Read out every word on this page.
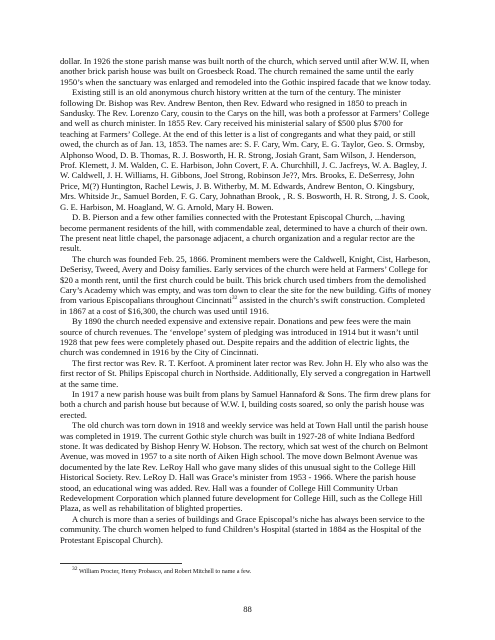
dollar. In 1926 the stone parish manse was built north of the church, which served until after W.W. II, when another brick parish house was built on Groesbeck Road. The church remained the same until the early 1950’s when the sanctuary was enlarged and remodeled into the Gothic inspired facade that we know today.

Existing still is an old anonymous church history written at the turn of the century. The minister following Dr. Bishop was Rev. Andrew Benton, then Rev. Edward who resigned in 1850 to preach in Sandusky. The Rev. Lorenzo Cary, cousin to the Carys on the hill, was both a professor at Farmers’ College and well as church minister. In 1855 Rev. Cary received his ministerial salary of $500 plus $700 for teaching at Farmers’ College. At the end of this letter is a list of congregants and what they paid, or still owed, the church as of Jan. 13, 1853. The names are: S. F. Cary, Wm. Cary, E. G. Taylor, Geo. S. Ormsby, Alphonso Wood, D. B. Thomas, R. J. Bosworth, H. R. Strong, Josiah Grant, Sam Wilson, J. Henderson, Prof. Klemett, J. M. Walden, C. E. Harbison, John Covert, F. A. Churchhill, J. C. Jacfreys, W. A. Bagley, J. W. Caldwell, J. H. Williams, H. Gibbons, Joel Strong, Robinson Je??, Mrs. Brooks, E. DeSerresy, John Price, M(?) Huntington, Rachel Lewis, J. B. Witherby, M. M. Edwards, Andrew Benton, O. Kingsbury, Mrs. Whitside Jr., Samuel Borden, F. G. Cary, Johnathan Brook, , R. S. Bosworth, H. R. Strong, J. S. Cook, G. E. Harbison, M. Hoagland, W. G. Arnold, Mary H. Bowen.

D. B. Pierson and a few other families connected with the Protestant Episcopal Church, ...having become permanent residents of the hill, with commendable zeal, determined to have a church of their own. The present neat little chapel, the parsonage adjacent, a church organization and a regular rector are the result.

The church was founded Feb. 25, 1866. Prominent members were the Caldwell, Knight, Cist, Harbeson, DeSerisy, Tweed, Avery and Doisy families. Early services of the church were held at Farmers’ College for $20 a month rent, until the first church could be built. This brick church used timbers from the demolished Cary’s Academy which was empty, and was torn down to clear the site for the new building. Gifts of money from various Episcopalians throughout Cincinnati$^{32}$ assisted in the church’s swift construction. Completed in 1867 at a cost of $16,300, the church was used until 1916.

By 1890 the church needed expensive and extensive repair. Donations and pew fees were the main source of church revenues. The ‘envelope’ system of pledging was introduced in 1914 but it wasn’t until 1928 that pew fees were completely phased out. Despite repairs and the addition of electric lights, the church was condemned in 1916 by the City of Cincinnati.

The first rector was Rev. R. T. Kerfoot. A prominent later rector was Rev. John H. Ely who also was the first rector of St. Philips Episcopal church in Northside. Additionally, Ely served a congregation in Hartwell at the same time.

In 1917 a new parish house was built from plans by Samuel Hannaford & Sons. The firm drew plans for both a church and parish house but because of W.W. I, building costs soared, so only the parish house was erected.

The old church was torn down in 1918 and weekly service was held at Town Hall until the parish house was completed in 1919. The current Gothic style church was built in 1927-28 of white Indiana Bedford stone. It was dedicated by Bishop Henry W. Hobson. The rectory, which sat west of the church on Belmont Avenue, was moved in 1957 to a site north of Aiken High school. The move down Belmont Avenue was documented by the late Rev. LeRoy Hall who gave many slides of this unusual sight to the College Hill Historical Society. Rev. LeRoy D. Hall was Grace’s minister from 1953 - 1966. Where the parish house stood, an educational wing was added. Rev. Hall was a founder of College Hill Community Urban Redevelopment Corporation which planned future development for College Hill, such as the College Hill Plaza, as well as rehabilitation of blighted properties.

A church is more than a series of buildings and Grace Episcopal’s niche has always been service to the community. The church women helped to fund Children’s Hospital (started in 1884 as the Hospital of the Protestant Episcopal Church).

$^{32}$ William Procter, Henry Probasco, and Robert Mitchell to name a few.
88
